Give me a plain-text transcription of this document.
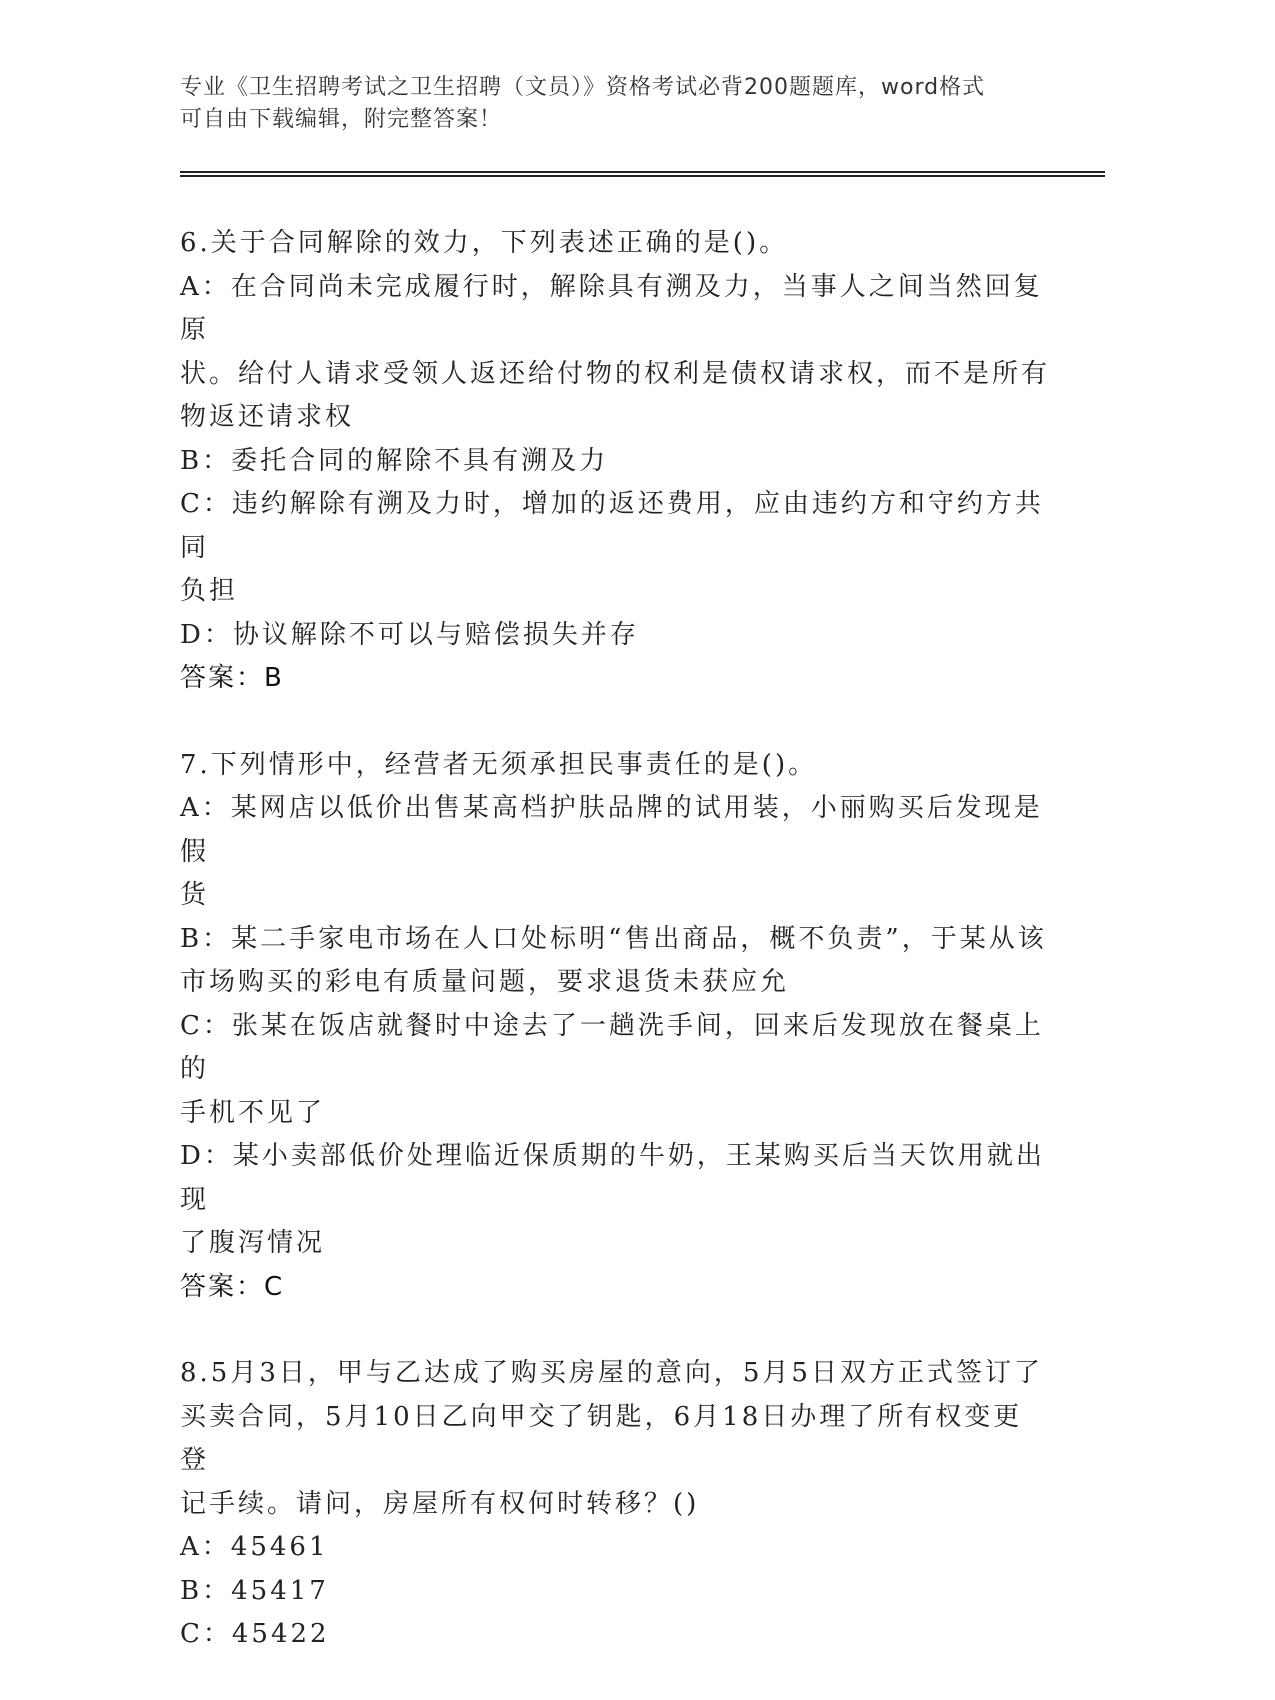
专业《卫生招聘考试之卫生招聘（文员）》资格考试必背200题题库，word格式
可自由下载编辑，附完整答案！

6.关于合同解除的效力，下列表述正确的是()。

A：在合同尚未完成履行时，解除具有溯及力，当事人之间当然回复原

状。给付人请求受领人返还给付物的权利是债权请求权，而不是所有

物返还请求权

B：委托合同的解除不具有溯及力

C：违约解除有溯及力时，增加的返还费用，应由违约方和守约方共同

负担

D：协议解除不可以与赔偿损失并存

答案：B

7.下列情形中，经营者无须承担民事责任的是()。

A：某网店以低价出售某高档护肤品牌的试用装，小丽购买后发现是假

货

B：某二手家电市场在人口处标明“售出商品，概不负责”，于某从该

市场购买的彩电有质量问题，要求退货未获应允

C：张某在饭店就餐时中途去了一趟洗手间，回来后发现放在餐桌上的

手机不见了

D：某小卖部低价处理临近保质期的牛奶，王某购买后当天饮用就出现

了腹泻情况

答案：C

8.5月3日，甲与乙达成了购买房屋的意向，5月5日双方正式签订了

买卖合同，5月10日乙向甲交了钥匙，6月18日办理了所有权变更登

记手续。请问，房屋所有权何时转移？()

A：45461

B：45417

C：45422
